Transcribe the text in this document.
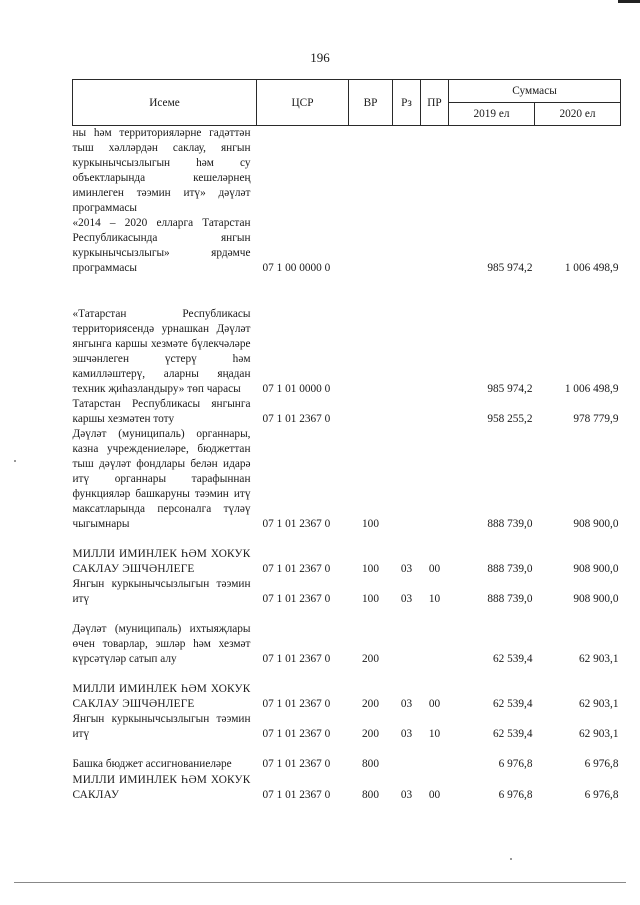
196
Исеме	ЦСР	ВР	Рз	ПР	Суммасы	
					2019 ел	2020 ел
ны һәм территорияләрне гадәттән тыш хәлләрдән саклау, янгын куркынычсызлыгын һәм су объектларында кешеләрнең иминлеген тәэмин итү» дәүләт программасы						
«2014 – 2020 елларга Татарстан Республикасында янгын куркынычсызлыгы» ярдәмче программасы	07 1 00 0000 0				985 974,2	1 006 498,9
«Татарстан Республикасы территориясендә урнашкан Дәүләт янгынга каршы хезмәте бүлекчәләре эшчәнлеген үстерү һәм камилләштерү, аларны яңадан техник җиһазландыру» төп чарасы	07 1 01 0000 0				985 974,2	1 006 498,9
Татарстан Республикасы янгынга каршы хезмәтен тоту	07 1 01 2367 0				958 255,2	978 779,9
Дәүләт (муниципаль) органнары, казна учреждениеләре, бюджеттан тыш дәүләт фондлары белән идарә итү органнары тарафыннан функцияләр башкаруны тәэмин итү максатларында персоналга түләү чыгымнары	07 1 01 2367 0	100			888 739,0	908 900,0
МИЛЛИ ИМИНЛЕК ҺӘМ ХОКУК САКЛАУ ЭШЧӘНЛЕГЕ	07 1 01 2367 0	100	03	00	888 739,0	908 900,0
Янгын куркынычсызлыгын тәэмин итү	07 1 01 2367 0	100	03	10	888 739,0	908 900,0
Дәүләт (муниципаль) ихтыяҗлары өчен товарлар, эшләр һәм хезмәт күрсәтүләр сатып алу	07 1 01 2367 0	200			62 539,4	62 903,1
МИЛЛИ ИМИНЛЕК ҺӘМ ХОКУК САКЛАУ ЭШЧӘНЛЕГЕ	07 1 01 2367 0	200	03	00	62 539,4	62 903,1
Янгын куркынычсызлыгын тәэмин итү	07 1 01 2367 0	200	03	10	62 539,4	62 903,1
Башка бюджет ассигнованиеләре	07 1 01 2367 0	800			6 976,8	6 976,8
МИЛЛИ ИМИНЛЕК ҺӘМ ХОКУК САКЛАУ	07 1 01 2367 0	800	03	00	6 976,8	6 976,8
